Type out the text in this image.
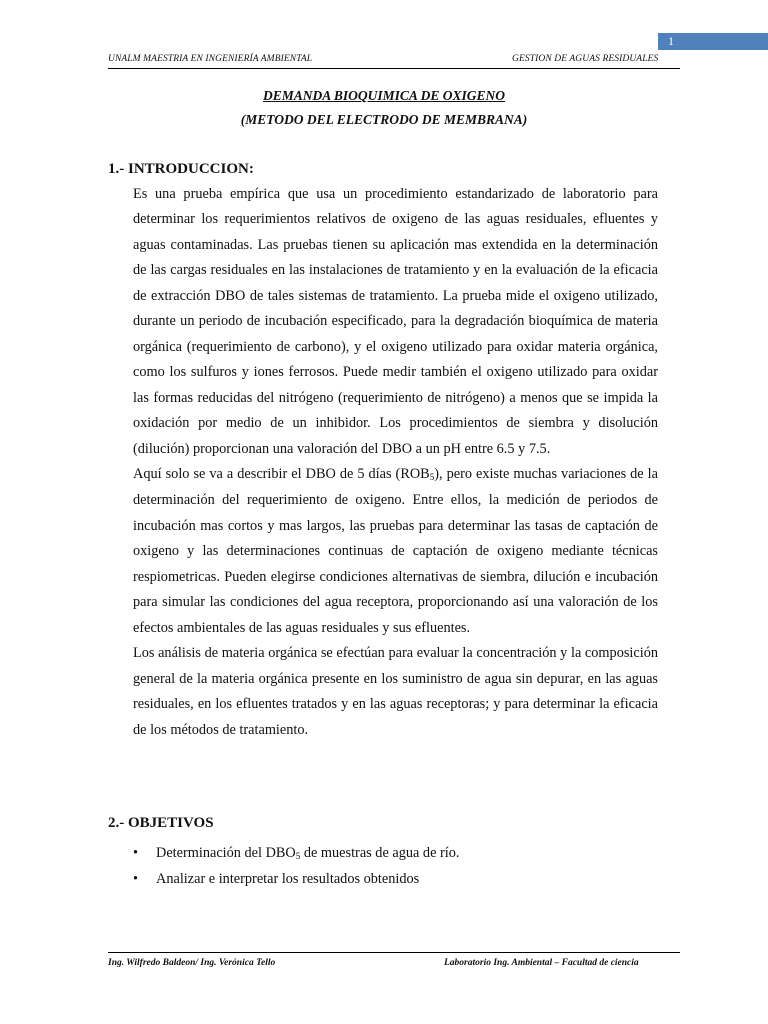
1
UNALM MAESTRIA EN INGENIERÍA AMBIENTAL	GESTION DE AGUAS RESIDUALES
DEMANDA BIOQUIMICA DE OXIGENO
(METODO DEL ELECTRODO DE MEMBRANA)
1.- INTRODUCCION:

Es una prueba empírica que usa un procedimiento estandarizado de laboratorio para determinar los requerimientos relativos de oxigeno de las aguas residuales, efluentes y aguas contaminadas. Las pruebas tienen su aplicación mas extendida en la determinación de las cargas residuales en las instalaciones de tratamiento y en la evaluación de la eficacia de extracción DBO de tales sistemas de tratamiento. La prueba mide el oxigeno utilizado, durante un periodo de incubación especificado, para la degradación bioquímica de materia orgánica (requerimiento de carbono), y el oxigeno utilizado para oxidar materia orgánica, como los sulfuros y iones ferrosos. Puede medir también el oxigeno utilizado para oxidar las formas reducidas del nitrógeno (requerimiento de nitrógeno) a menos que se impida la oxidación por medio de un inhibidor. Los procedimientos de siembra y disolución (dilución) proporcionan una valoración del DBO a un pH entre 6.5 y 7.5.

Aquí solo se va a describir el DBO de 5 días $(ROB_5)$, pero existe muchas variaciones de la determinación del requerimiento de oxigeno. Entre ellos, la medición de periodos de incubación mas cortos y mas largos, las pruebas para determinar las tasas de captación de oxigeno y las determinaciones continuas de captación de oxigeno mediante técnicas respiometricas. Pueden elegirse condiciones alternativas de siembra, dilución e incubación para simular las condiciones del agua receptora, proporcionando así una valoración de los efectos ambientales de las aguas residuales y sus efluentes.

Los análisis de materia orgánica se efectúan para evaluar la concentración y la composición general de la materia orgánica presente en los suministro de agua sin depurar, en las aguas residuales, en los efluentes tratados y en las aguas receptoras; y para determinar la eficacia de los métodos de tratamiento.

2.- OBJETIVOS
• Determinación del $DBO_5$ de muestras de agua de río.
• Analizar e interpretar los resultados obtenidos
Ing. Wilfredo Baldeon/ Ing. Verónica Tello	Laboratorio Ing. Ambiental – Facultad de ciencia
